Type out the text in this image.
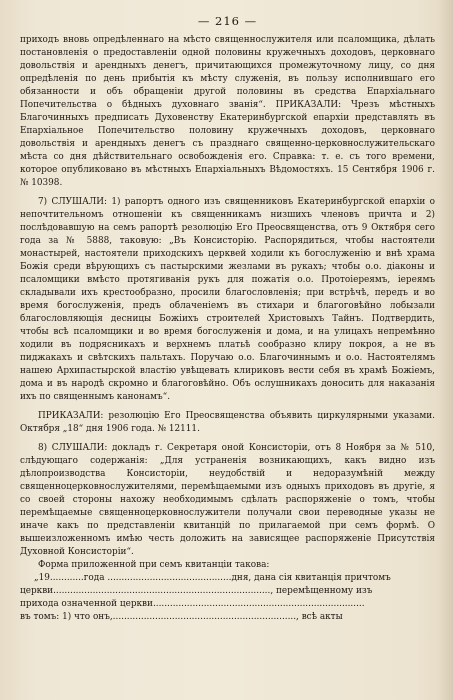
— 216 —

приходъ вновь опредѣленнаго на мѣсто священнослужителя или псаломщика, дѣлать постановленія о предоставленіи одной половины кружечныхъ доходовъ, церковнаго довольствія и арендныхъ денегъ, причитающихся промежуточному лицу, со дня опредѣленія по день прибытія къ мѣсту служенія, въ пользу исполнившаго его обязанности и объ обращеніи другой половины въ средства Епархіальнаго Попечительства о бѣдныхъ духовнаго званія“. ПРИКАЗАЛИ: Чрезъ мѣстныхъ Благочинныхъ предписать Духовенству Екатеринбургской епархіи представлять въ Епархіальное Попечительство половину кружечныхъ доходовъ, церковнаго довольствія и арендныхъ денегъ съ празднаго священно-церковнослужительскаго мѣста со дня дѣйствительнаго освобожденія его. Справка: т. е. съ того времени, которое опубликовано въ мѣстныхъ Епархіальныхъ Вѣдомостяхъ. 15 Сентября 1906 г. № 10398.

7) СЛУШАЛИ: 1) рапортъ одного изъ священниковъ Екатеринбургской епархіи о непочтительномъ отношеніи къ священникамъ низшихъ членовъ причта и 2) послѣдовавшую на семъ рапортѣ резолюцію Его Преосвященства, отъ 9 Октября сего года за № 5888, таковую: „Въ Консисторію. Распорядиться, чтобы настоятели монастырей, настоятели приходскихъ церквей ходили къ богослуженію и внѣ храма Божія среди вѣрующихъ съ пастырскими жезлами въ рукахъ; чтобы о.о. діаконы и псаломщики вмѣсто протягиванія рукъ для пожатія о.о. Протоіереямъ, іереямъ складывали ихъ крестообразно, просили благословленія; при встрѣчѣ, передъ и во время богослуженія, предъ облаченіемъ въ стихари и благоговѣйно лобызали благословляющія десницы Божіихъ строителей Христовыхъ Тайнъ. Подтвердить, чтобы всѣ псаломщики и во время богослуженія и дома, и на улицахъ непремѣнно ходили въ подрясникахъ и верхнемъ платьѣ сообразно клиру покроя, а не въ пиджакахъ и свѣтскихъ пальтахъ. Поручаю о.о. Благочиннымъ и о.о. Настоятелямъ нашею Архипастырской властію увѣщевать клириковъ вести себя въ храмѣ Божіемъ, дома и въ народѣ скромно и благоговѣйно. Объ ослушникахъ доносить для наказанія ихъ по священнымъ канонамъ“.

ПРИКАЗАЛИ: резолюцію Его Преосвященства объявить циркулярными указами. Октября „18“ дня 1906 года. № 12111.

8) СЛУШАЛИ: докладъ г. Секретаря оной Консисторіи, отъ 8 Ноября за № 510, слѣдующаго содержанія: „Для устраненія возникающихъ, какъ видно изъ дѣлопроизводства Консисторіи, неудобствій и недоразумѣній между священноцерковнослужителями, перемѣщаемыми изъ одныхъ приходовъ въ другіе, я со своей стороны нахожу необходимымъ сдѣлать распоряженіе о томъ, чтобы перемѣщаемые священноцерковнослужители получали свои переводные указы не иначе какъ по представленіи квитанцій по прилагаемой при семъ формѣ. О вышеизложенномъ имѣю честь доложить на зависящее распоряженіе Присутствія Духовной Консисторіи“.

Форма приложенной при семъ квитанціи такова:

„19............года ............................................дня, дана сія квитанція причтомъ
церкви............................................................................., перемѣщенному изъ
прихода означенной церкви...........................................................................
въ томъ: 1) что онъ,................................................................., всѣ акты
